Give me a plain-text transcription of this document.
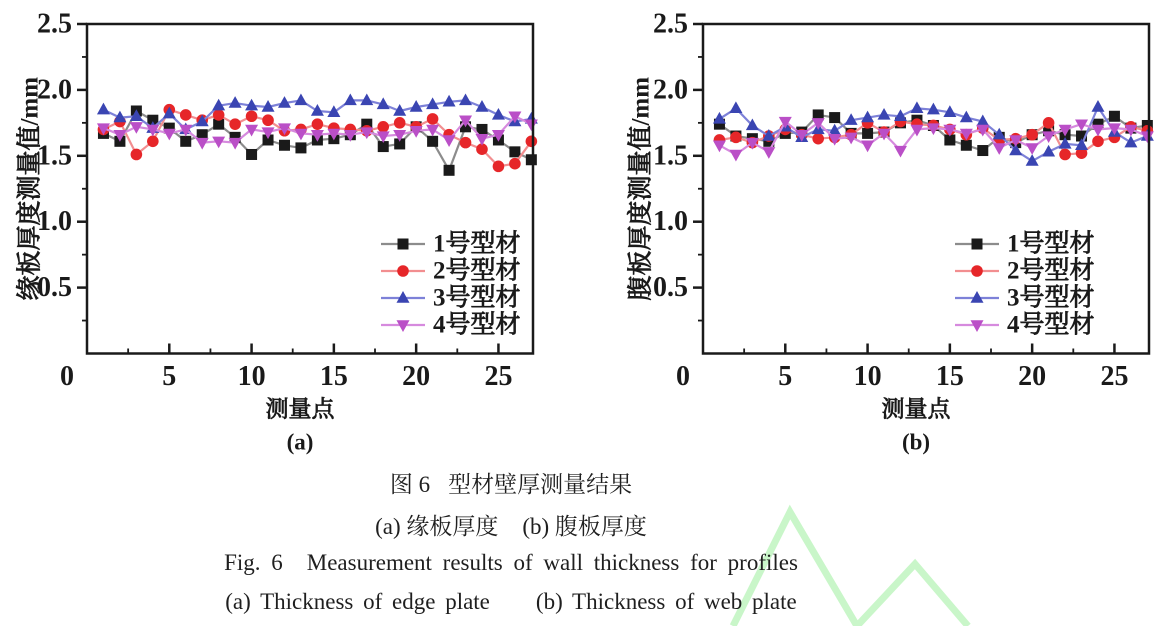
0.5
1.0
1.5
2.0
2.5
0	5 10 15 20 25
缘板厚度测量值/mm
测量点
(a)
1号型材
2号型材
3号型材
4号型材
0.5
1.0
1.5
2.0
2.5
0	5 10 15 20 25
腹板厚度测量值/mm
测量点
(b)
1号型材
2号型材
3号型材
4号型材
图 6 型材壁厚测量结果
(a) 缘板厚度 (b) 腹板厚度
Fig. 6 Measurement results of wall thickness for profiles
(a) Thickness of edge plate (b) Thickness of web plate
